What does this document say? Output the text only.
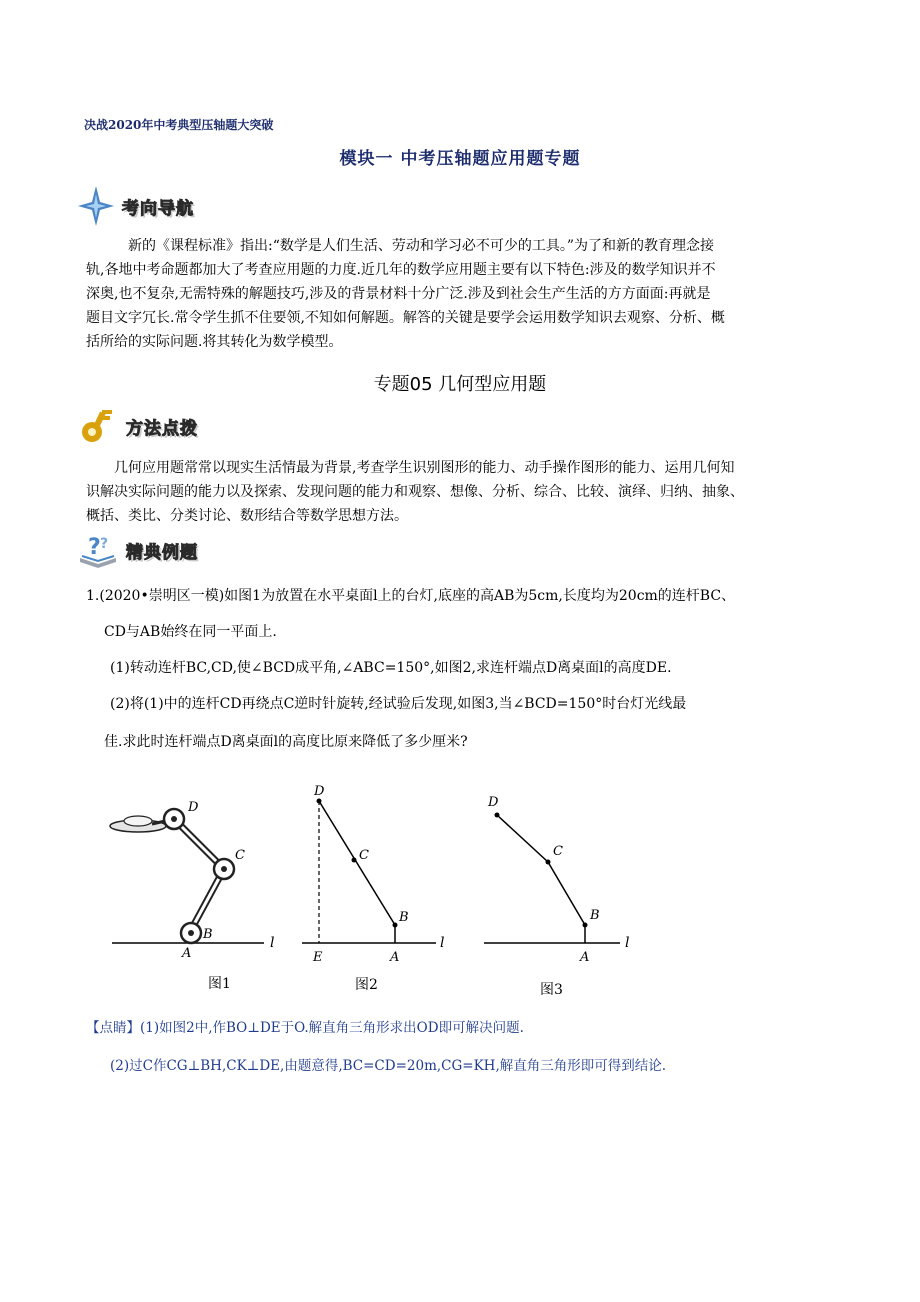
决战2020年中考典型压轴题大突破
模块一 中考压轴题应用题专题
考向导航
新的《课程标准》指出:“数学是人们生活、劳动和学习必不可少的工具。”为了和新的教育理念接
轨,各地中考命题都加大了考查应用题的力度.近几年的数学应用题主要有以下特色:涉及的数学知识并不
深奥,也不复杂,无需特殊的解题技巧,涉及的背景材料十分广泛.涉及到社会生产生活的方方面面:再就是
题目文字冗长.常令学生抓不住要领,不知如何解题。解答的关键是要学会运用数学知识去观察、分析、概
括所给的实际问题.将其转化为数学模型。
专题05 几何型应用题
方法点拨
几何应用题常常以现实生活情最为背景,考查学生识别图形的能力、动手操作图形的能力、运用几何知
识解决实际问题的能力以及探索、发现问题的能力和观察、想像、分析、综合、比较、演绎、归纳、抽象、
概括、类比、分类讨论、数形结合等数学思想方法。
? ? 精典例题
1.(2020•崇明区一模)如图1为放置在水平桌面l上的台灯,底座的高AB为5cm,长度均为20cm的连杆BC、
CD与AB始终在同一平面上.
(1)转动连杆BC,CD,使∠BCD成平角,∠ABC=150°,如图2,求连杆端点D离桌面l的高度DE.
(2)将(1)中的连杆CD再绕点C逆时针旋转,经试验后发现,如图3,当∠BCD=150°时台灯光线最
佳.求此时连杆端点D离桌面l的高度比原来降低了多少厘米?
D
C
B
A
l
图1
D
C
B
A
E
l
图2
D
C
B
A
l
图3
【点睛】(1)如图2中,作BO⊥DE于O.解直角三角形求出OD即可解决问题.
(2)过C作CG⊥BH,CK⊥DE,由题意得,BC=CD=20m,CG=KH,解直角三角形即可得到结论.
